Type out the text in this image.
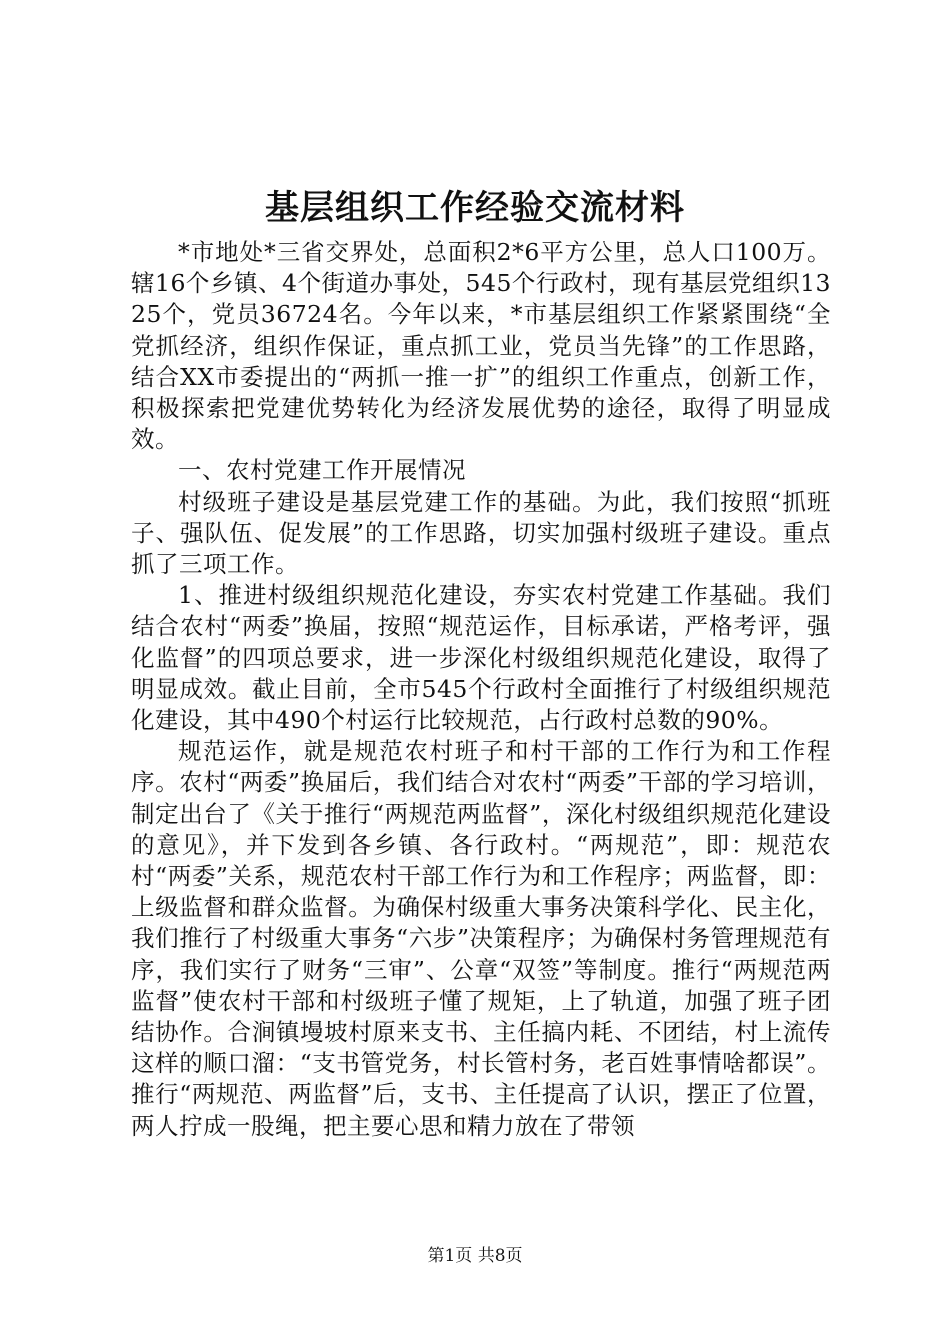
基层组织工作经验交流材料

*市地处*三省交界处，总面积2*6平方公里，总人口100万。辖16个乡镇、4个街道办事处，545个行政村，现有基层党组织1325个，党员36724名。今年以来，*市基层组织工作紧紧围绕“全党抓经济，组织作保证，重点抓工业，党员当先锋”的工作思路，结合XX市委提出的“两抓一推一扩”的组织工作重点，创新工作，积极探索把党建优势转化为经济发展优势的途径，取得了明显成效。

一、农村党建工作开展情况

村级班子建设是基层党建工作的基础。为此，我们按照“抓班子、强队伍、促发展”的工作思路，切实加强村级班子建设。重点抓了三项工作。

1、推进村级组织规范化建设，夯实农村党建工作基础。我们结合农村“两委”换届，按照“规范运作，目标承诺，严格考评，强化监督”的四项总要求，进一步深化村级组织规范化建设，取得了明显成效。截止目前，全市545个行政村全面推行了村级组织规范化建设，其中490个村运行比较规范，占行政村总数的90%。

规范运作，就是规范农村班子和村干部的工作行为和工作程序。农村“两委”换届后，我们结合对农村“两委”干部的学习培训，制定出台了《关于推行“两规范两监督”，深化村级组织规范化建设的意见》，并下发到各乡镇、各行政村。“两规范”，即：规范农村“两委”关系，规范农村干部工作行为和工作程序；两监督，即：上级监督和群众监督。为确保村级重大事务决策科学化、民主化，我们推行了村级重大事务“六步”决策程序；为确保村务管理规范有序，我们实行了财务“三审”、公章“双签”等制度。推行“两规范两监督”使农村干部和村级班子懂了规矩，上了轨道，加强了班子团结协作。合涧镇墁坡村原来支书、主任搞内耗、不团结，村上流传这样的顺口溜：“支书管党务，村长管村务，老百姓事情啥都误”。推行“两规范、两监督”后，支书、主任提高了认识，摆正了位置，两人拧成一股绳，把主要心思和精力放在了带领

第1页 共8页
